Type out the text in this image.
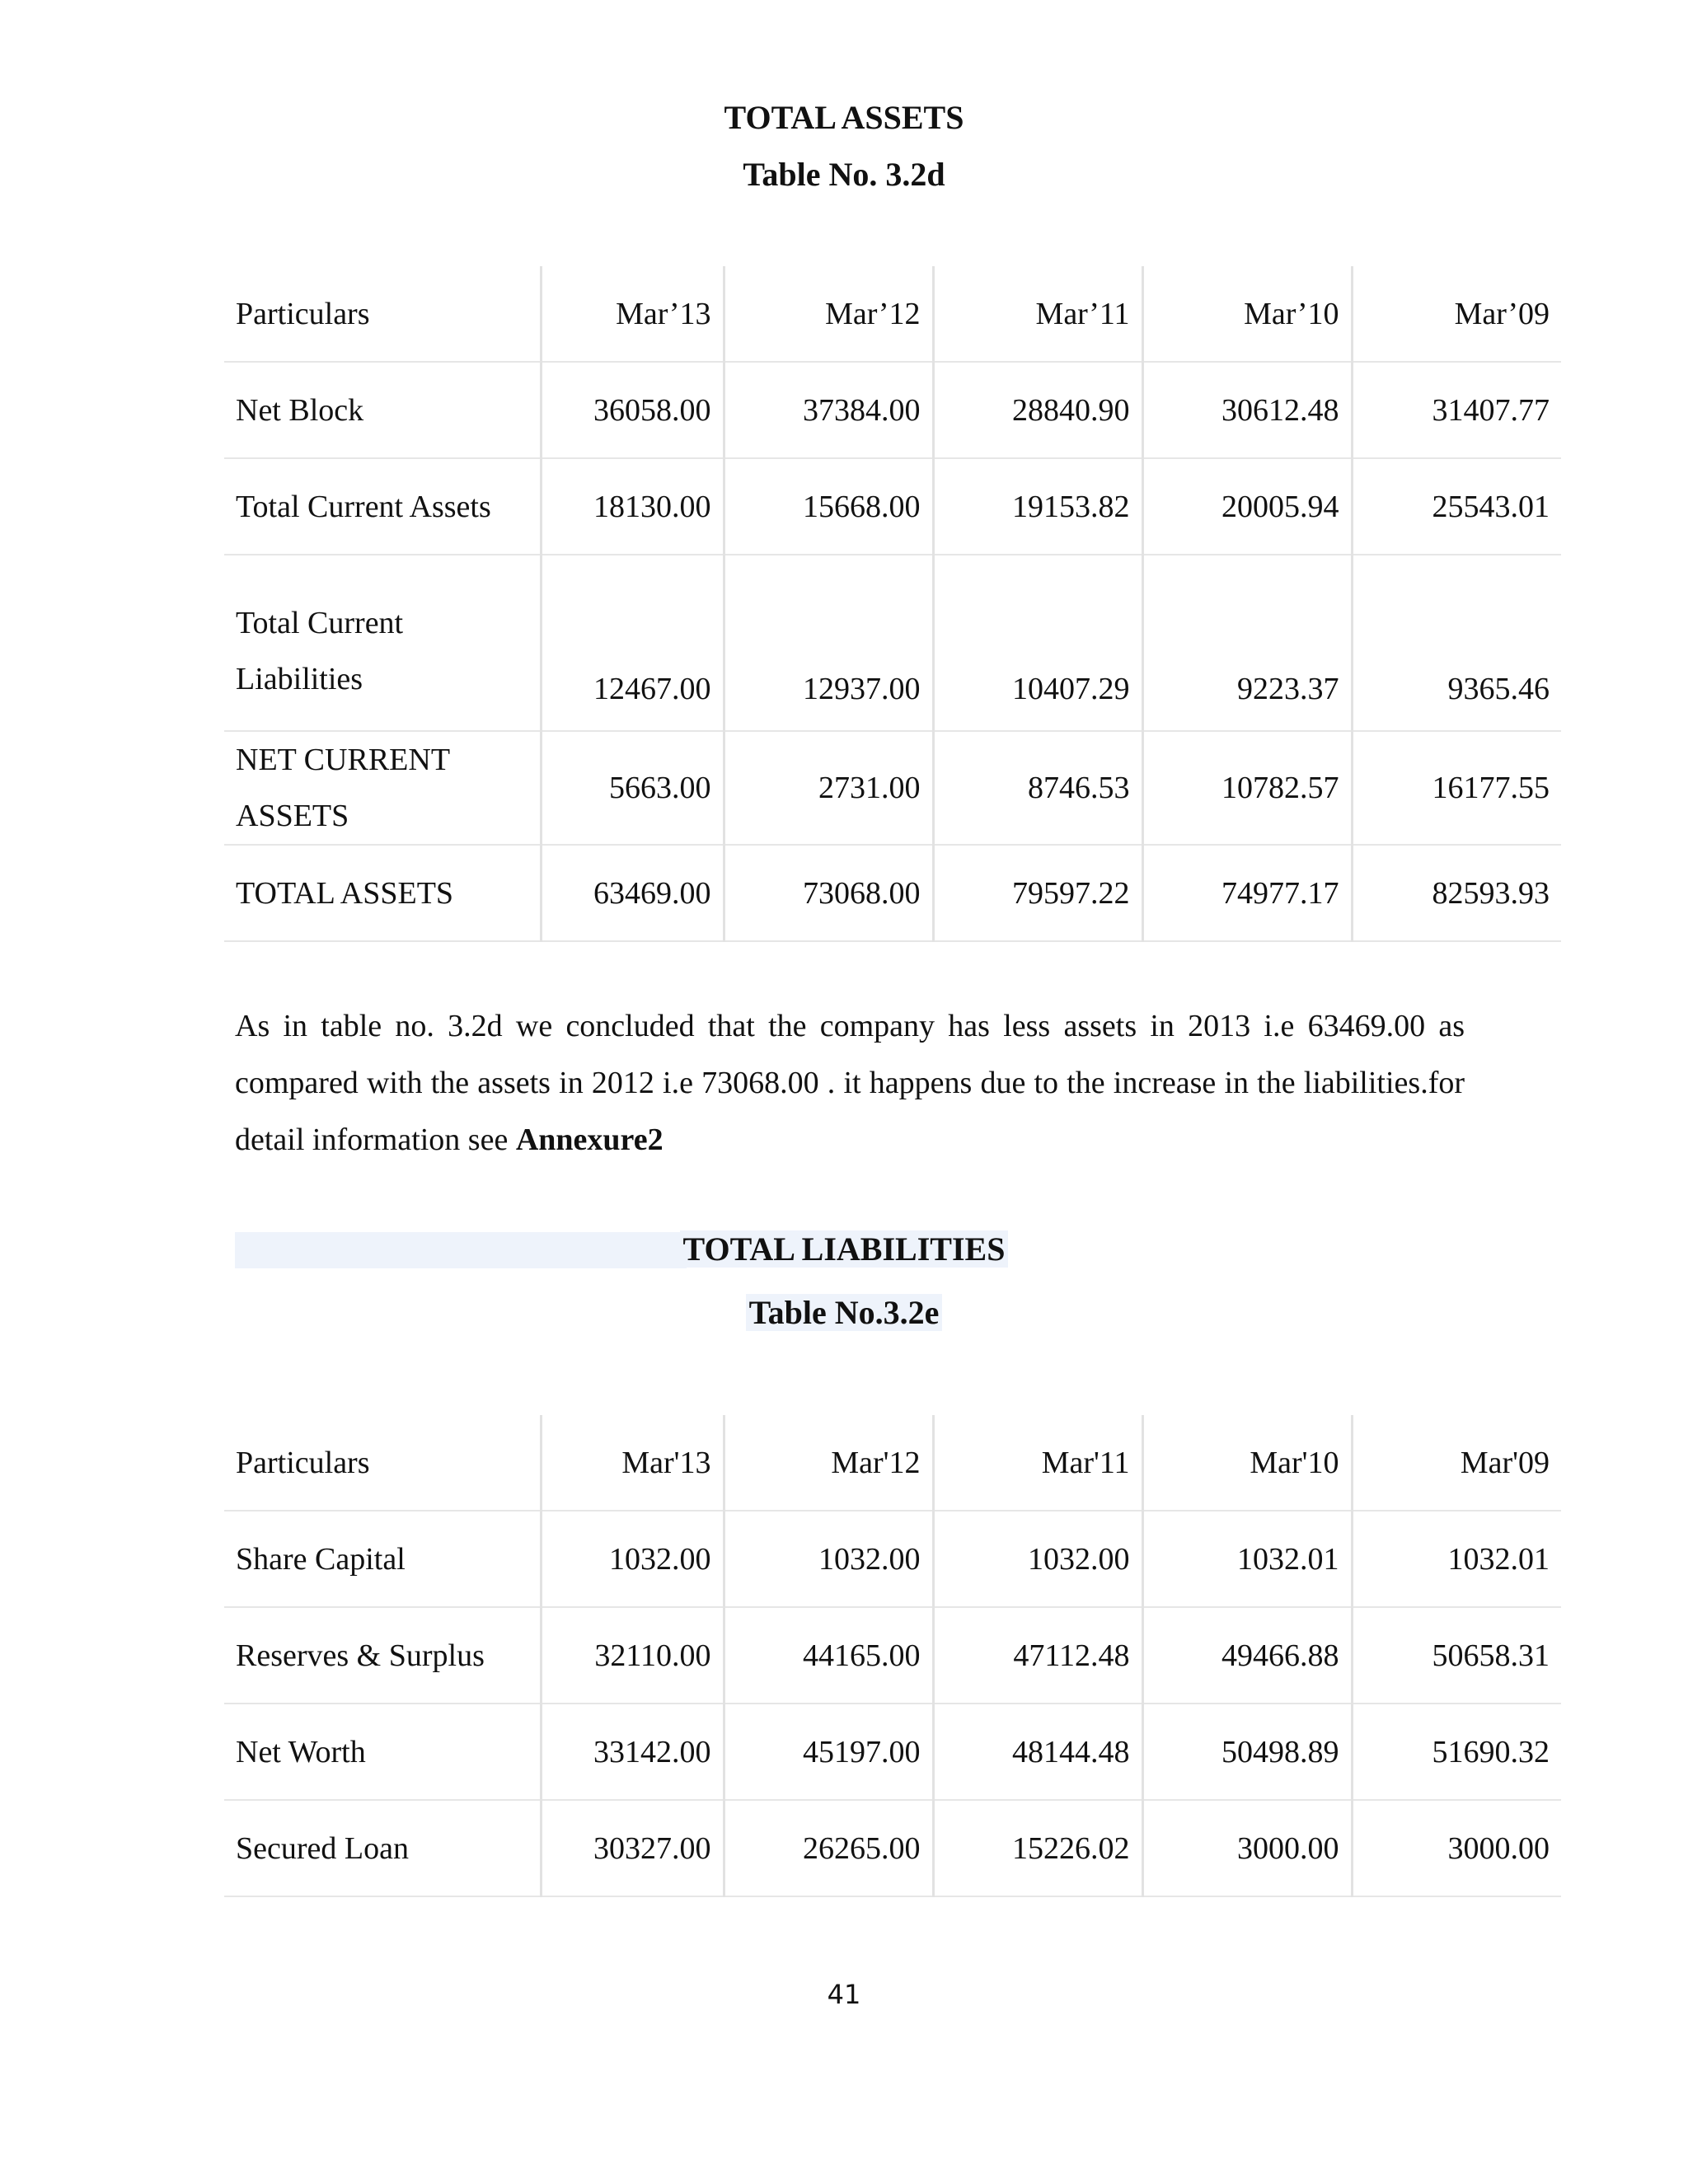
TOTAL ASSETS
Table No. 3.2d
Particulars	Mar’13	Mar’12	Mar’11	Mar’10	Mar’09
Net Block	36058.00	37384.00	28840.90	30612.48	31407.77
Total Current Assets	18130.00	15668.00	19153.82	20005.94	25543.01
Total Current Liabilities	12467.00	12937.00	10407.29	9223.37	9365.46
NET CURRENT ASSETS	5663.00	2731.00	8746.53	10782.57	16177.55
TOTAL ASSETS	63469.00	73068.00	79597.22	74977.17	82593.93
As in table no. 3.2d we concluded that the company has less assets in 2013 i.e 63469.00 as compared with the assets in 2012 i.e 73068.00 . it happens due to the increase in the liabilities.for detail information see Annexure2
TOTAL LIABILITIES
Table No.3.2e
Particulars	Mar'13	Mar'12	Mar'11	Mar'10	Mar'09
Share Capital	1032.00	1032.00	1032.00	1032.01	1032.01
Reserves & Surplus	32110.00	44165.00	47112.48	49466.88	50658.31
Net Worth	33142.00	45197.00	48144.48	50498.89	51690.32
Secured Loan	30327.00	26265.00	15226.02	3000.00	3000.00
41
